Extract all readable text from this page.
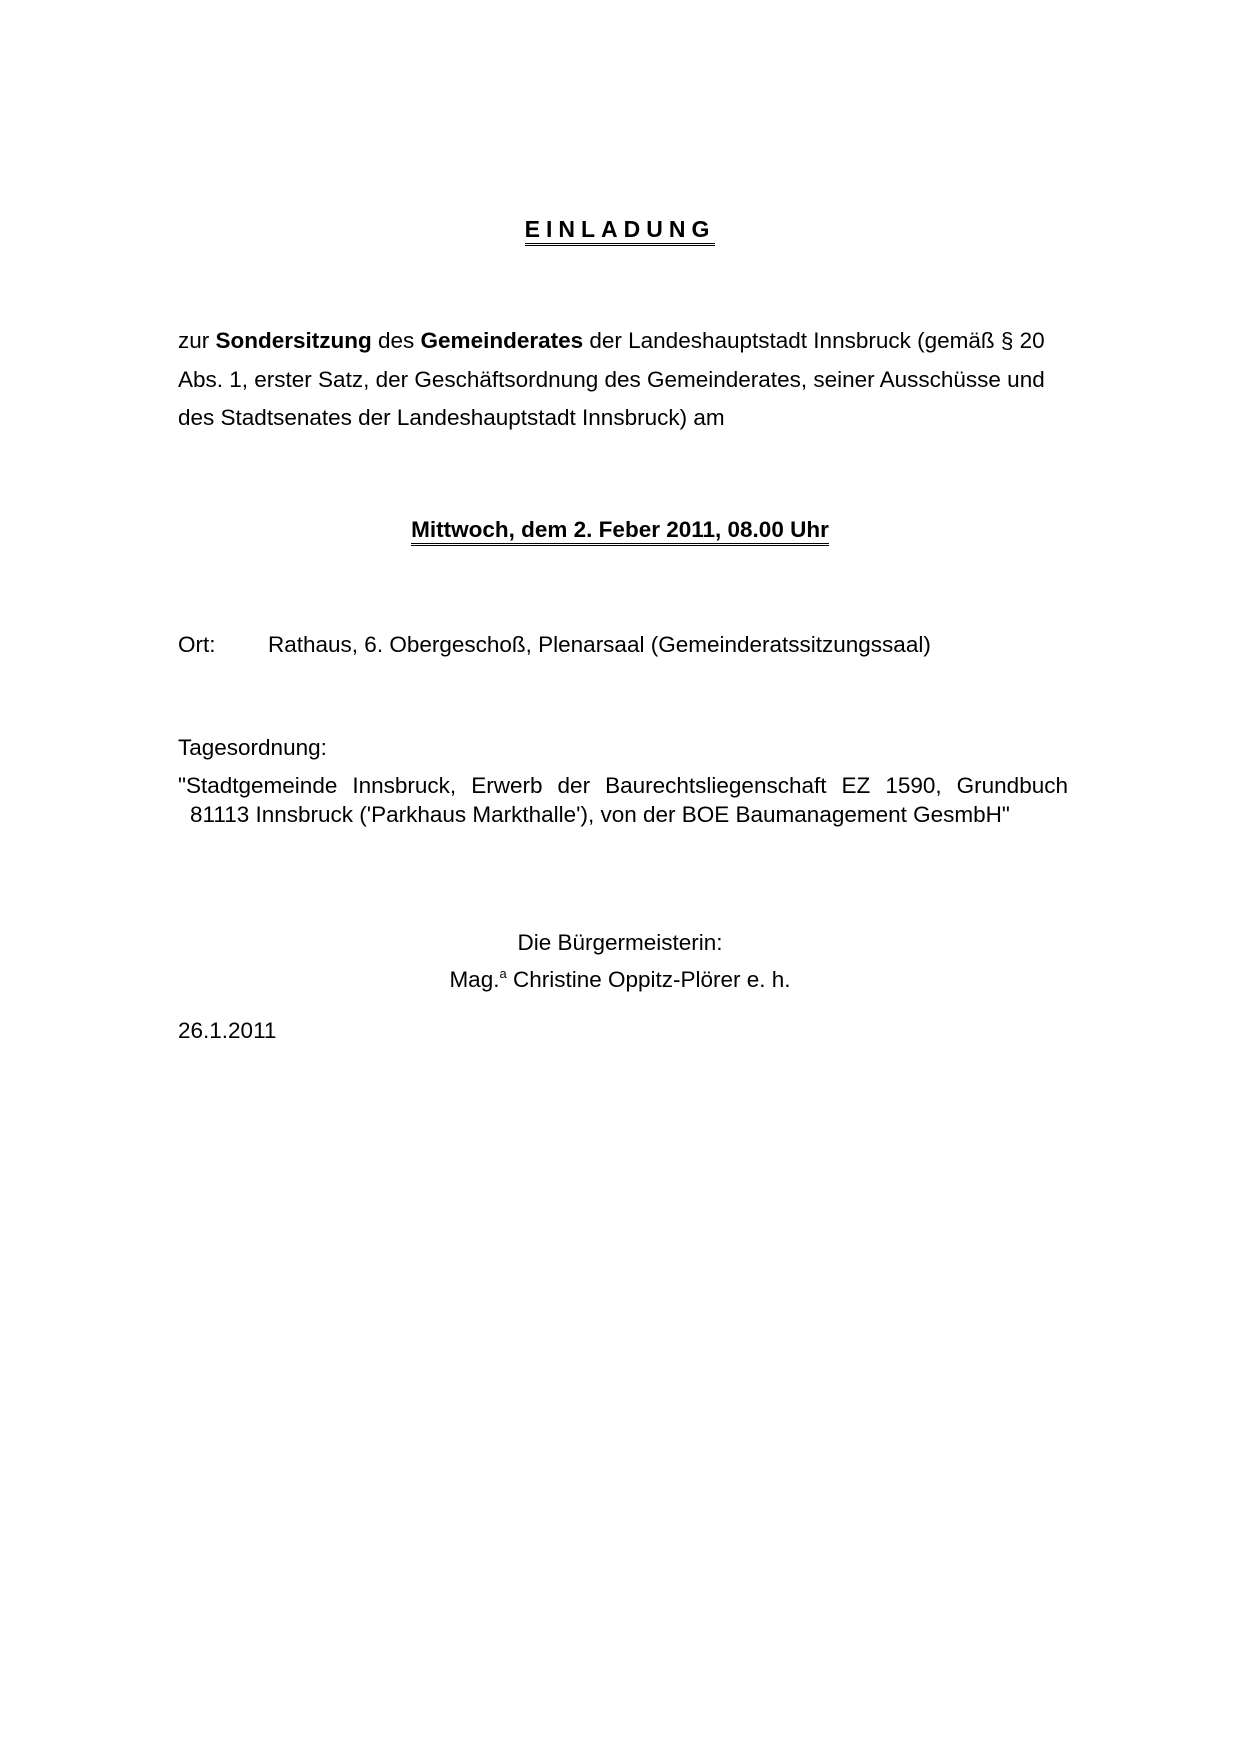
EINLADUNG
zur Sondersitzung des Gemeinderates der Landeshauptstadt Innsbruck (gemäß § 20 Abs. 1, erster Satz, der Geschäftsordnung des Gemeinderates, seiner Ausschüsse und des Stadtsenates der Landeshauptstadt Innsbruck) am
Mittwoch, dem 2. Feber 2011, 08.00 Uhr
Ort: Rathaus, 6. Obergeschoß, Plenarsaal (Gemeinderatssitzungssaal)
Tagesordnung:
"Stadtgemeinde Innsbruck, Erwerb der Baurechtsliegenschaft EZ 1590, Grundbuch
81113 Innsbruck ('Parkhaus Markthalle'), von der BOE Baumanagement GesmbH"
Die Bürgermeisterin:
Mag.$^a$ Christine Oppitz-Plörer e. h.
26.1.2011
